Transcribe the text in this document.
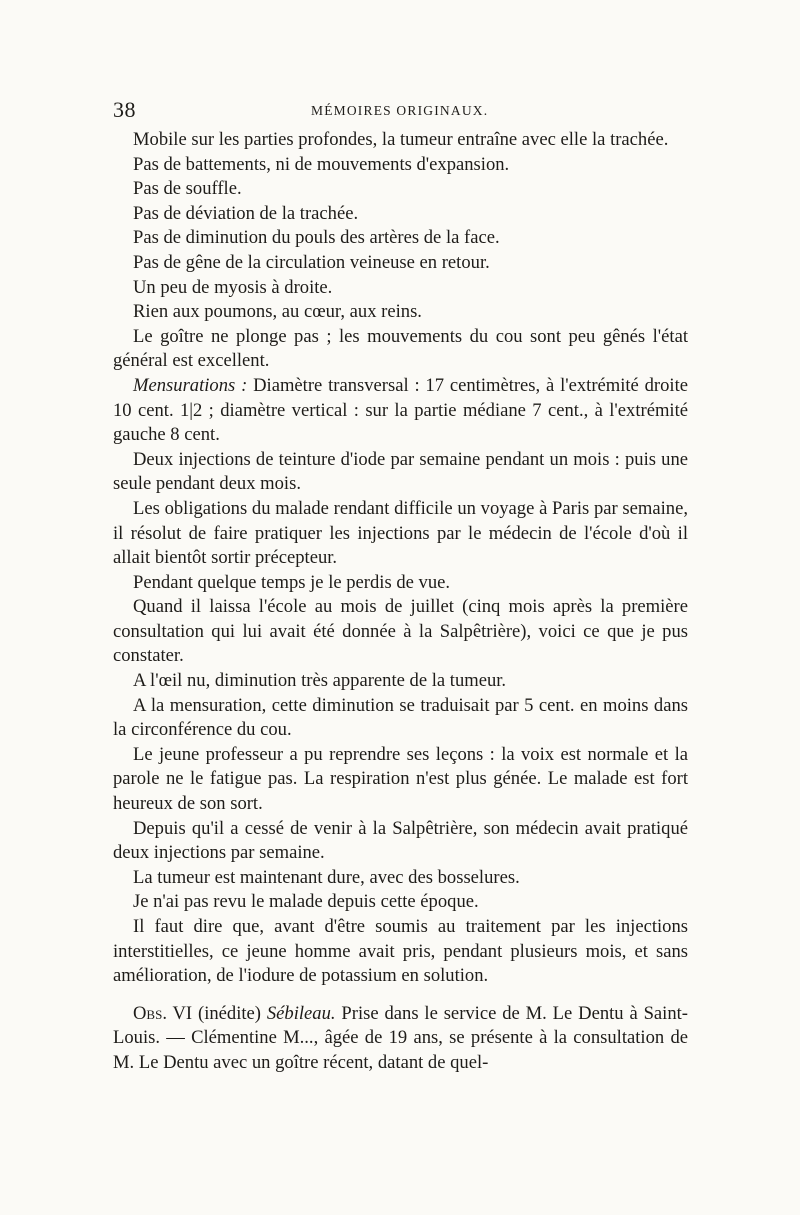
38	MÉMOIRES ORIGINAUX.

Mobile sur les parties profondes, la tumeur entraîne avec elle la trachée.

Pas de battements, ni de mouvements d'expansion.

Pas de souffle.

Pas de déviation de la trachée.

Pas de diminution du pouls des artères de la face.

Pas de gêne de la circulation veineuse en retour.

Un peu de myosis à droite.

Rien aux poumons, au cœur, aux reins.

Le goître ne plonge pas ; les mouvements du cou sont peu gênés l'état général est excellent.

Mensurations : Diamètre transversal : 17 centimètres, à l'extrémité droite 10 cent. 1|2 ; diamètre vertical : sur la partie médiane 7 cent., à l'extrémité gauche 8 cent.

Deux injections de teinture d'iode par semaine pendant un mois : puis une seule pendant deux mois.

Les obligations du malade rendant difficile un voyage à Paris par semaine, il résolut de faire pratiquer les injections par le médecin de l'école d'où il allait bientôt sortir précepteur.

Pendant quelque temps je le perdis de vue.

Quand il laissa l'école au mois de juillet (cinq mois après la première consultation qui lui avait été donnée à la Salpêtrière), voici ce que je pus constater.

A l'œil nu, diminution très apparente de la tumeur.

A la mensuration, cette diminution se traduisait par 5 cent. en moins dans la circonférence du cou.

Le jeune professeur a pu reprendre ses leçons : la voix est normale et la parole ne le fatigue pas. La respiration n'est plus génée. Le malade est fort heureux de son sort.

Depuis qu'il a cessé de venir à la Salpêtrière, son médecin avait pratiqué deux injections par semaine.

La tumeur est maintenant dure, avec des bosselures.

Je n'ai pas revu le malade depuis cette époque.

Il faut dire que, avant d'être soumis au traitement par les injections interstitielles, ce jeune homme avait pris, pendant plusieurs mois, et sans amélioration, de l'iodure de potassium en solution.

Obs. VI (inédite) Sébileau. Prise dans le service de M. Le Dentu à Saint-Louis. — Clémentine M..., âgée de 19 ans, se présente à la consultation de M. Le Dentu avec un goître récent, datant de quel-
